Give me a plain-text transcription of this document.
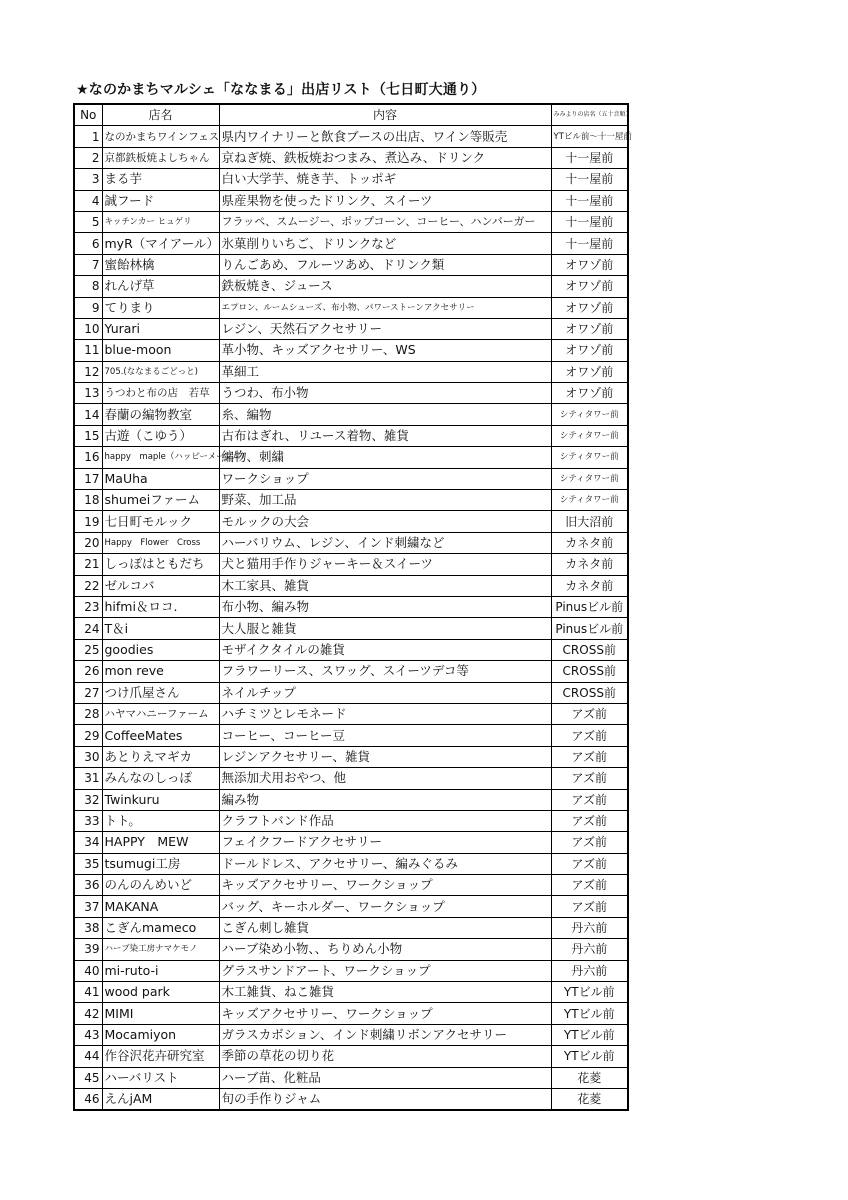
★なのかまちマルシェ「ななまる」出店リスト（七日町大通り）
No	店名	内容	みみよりの店名（五十音順）
1	なのかまちワインフェス	県内ワイナリーと飲食ブースの出店、ワイン等販売	YTビル前～十一屋前
2	京都鉄板焼よしちゃん	京ねぎ焼、鉄板焼おつまみ、煮込み、ドリンク	十一屋前
3	まる芋	白い大学芋、焼き芋、トッポギ	十一屋前
4	誠フード	県産果物を使ったドリンク、スイーツ	十一屋前
5	キッチンカー ヒュゲリ	フラッペ、スムージー、ポップコーン、コーヒー、ハンバーガー	十一屋前
6	myR（マイアール）	氷菓削りいちご、ドリンクなど	十一屋前
7	蜜飴林檎	りんごあめ、フルーツあめ、ドリンク類	オワゾ前
8	れんげ草	鉄板焼き、ジュース	オワゾ前
9	てりまり	エプロン、ルームシューズ、布小物、パワーストーンアクセサリー	オワゾ前
10	Yurari	レジン、天然石アクセサリー	オワゾ前
11	blue-moon	革小物、キッズアクセサリー、WS	オワゾ前
12	705.(ななまるごどっと)	革細工	オワゾ前
13	うつわと布の店　若草	うつわ、布小物	オワゾ前
14	春蘭の編物教室	糸、編物	シティタワー前
15	古遊（こゆう）	古布はぎれ、リユース着物、雑貨	シティタワー前
16	happy　maple（ハッピーメープル）	編物、刺繍	シティタワー前
17	MaUha	ワークショップ	シティタワー前
18	shumeiファーム	野菜、加工品	シティタワー前
19	七日町モルック	モルックの大会	旧大沼前
20	Happy　Flower　Cross	ハーバリウム、レジン、インド刺繍など	カネタ前
21	しっぽはともだち	犬と猫用手作りジャーキー＆スイーツ	カネタ前
22	ゼルコバ	木工家具、雑貨	カネタ前
23	hifmi＆ロコ.	布小物、編み物	Pinusビル前
24	T＆i	大人服と雑貨	Pinusビル前
25	goodies	モザイクタイルの雑貨	CROSS前
26	mon reve	フラワーリース、スワッグ、スイーツデコ等	CROSS前
27	つけ爪屋さん	ネイルチップ	CROSS前
28	ハヤマハニーファーム	ハチミツとレモネード	アズ前
29	CoffeeMates	コーヒー、コーヒー豆	アズ前
30	あとりえマギカ	レジンアクセサリー、雑貨	アズ前
31	みんなのしっぽ	無添加犬用おやつ、他	アズ前
32	Twinkuru	編み物	アズ前
33	トト。	クラフトバンド作品	アズ前
34	HAPPY　MEW	フェイクフードアクセサリー	アズ前
35	tsumugi工房	ドールドレス、アクセサリー、編みぐるみ	アズ前
36	のんのんめいど	キッズアクセサリー、ワークショップ	アズ前
37	MAKANA	バッグ、キーホルダー、ワークショップ	アズ前
38	こぎんmameco	こぎん刺し雑貨	丹六前
39	ハーブ染工房ナマケモノ	ハーブ染め小物、、ちりめん小物	丹六前
40	mi-ruto-i	グラスサンドアート、ワークショップ	丹六前
41	wood park	木工雑貨、ねこ雑貨	YTビル前
42	MIMI	キッズアクセサリー、ワークショップ	YTビル前
43	Mocamiyon	ガラスカボション、インド刺繍リボンアクセサリー	YTビル前
44	作谷沢花卉研究室	季節の草花の切り花	YTビル前
45	ハーバリスト	ハーブ苗、化粧品	花菱
46	えんjAM	旬の手作りジャム	花菱
